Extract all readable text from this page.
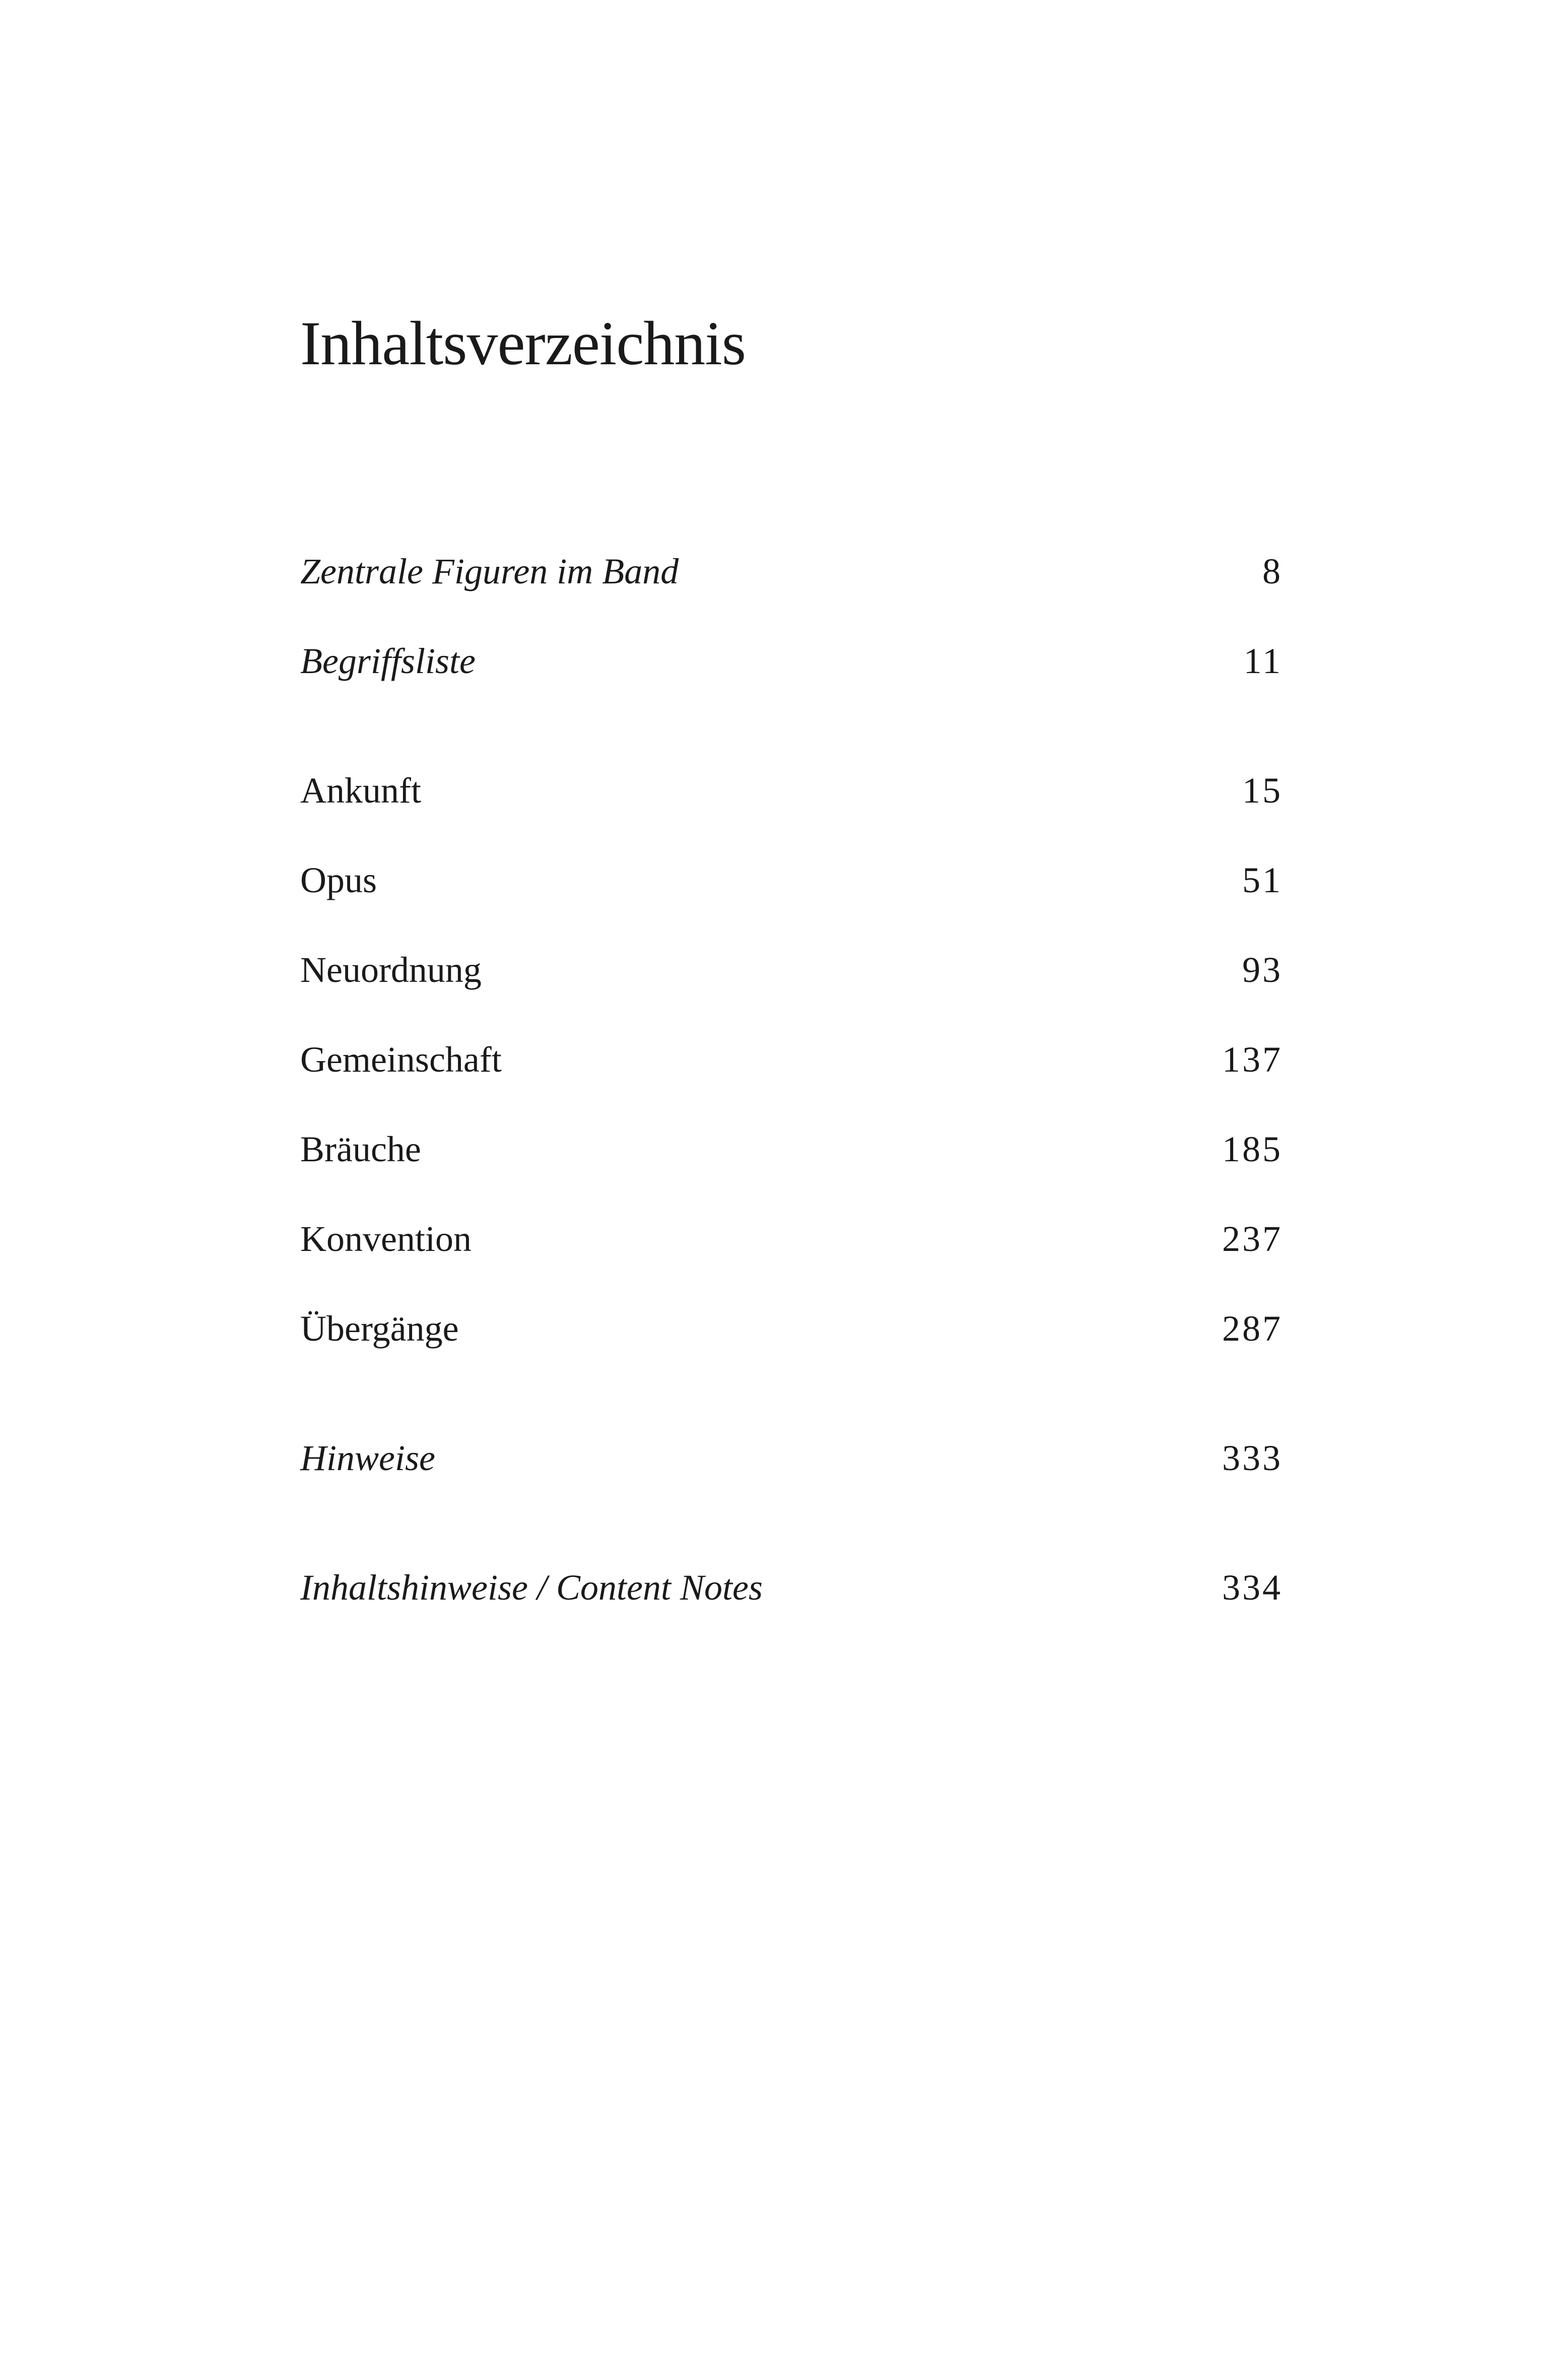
Inhaltsverzeichnis
Zentrale Figuren im Band	8
Begriffsliste	11
Ankunft	15
Opus	51
Neuordnung	93
Gemeinschaft	137
Bräuche	185
Konvention	237
Übergänge	287
Hinweise	333
Inhaltshinweise / Content Notes	334
